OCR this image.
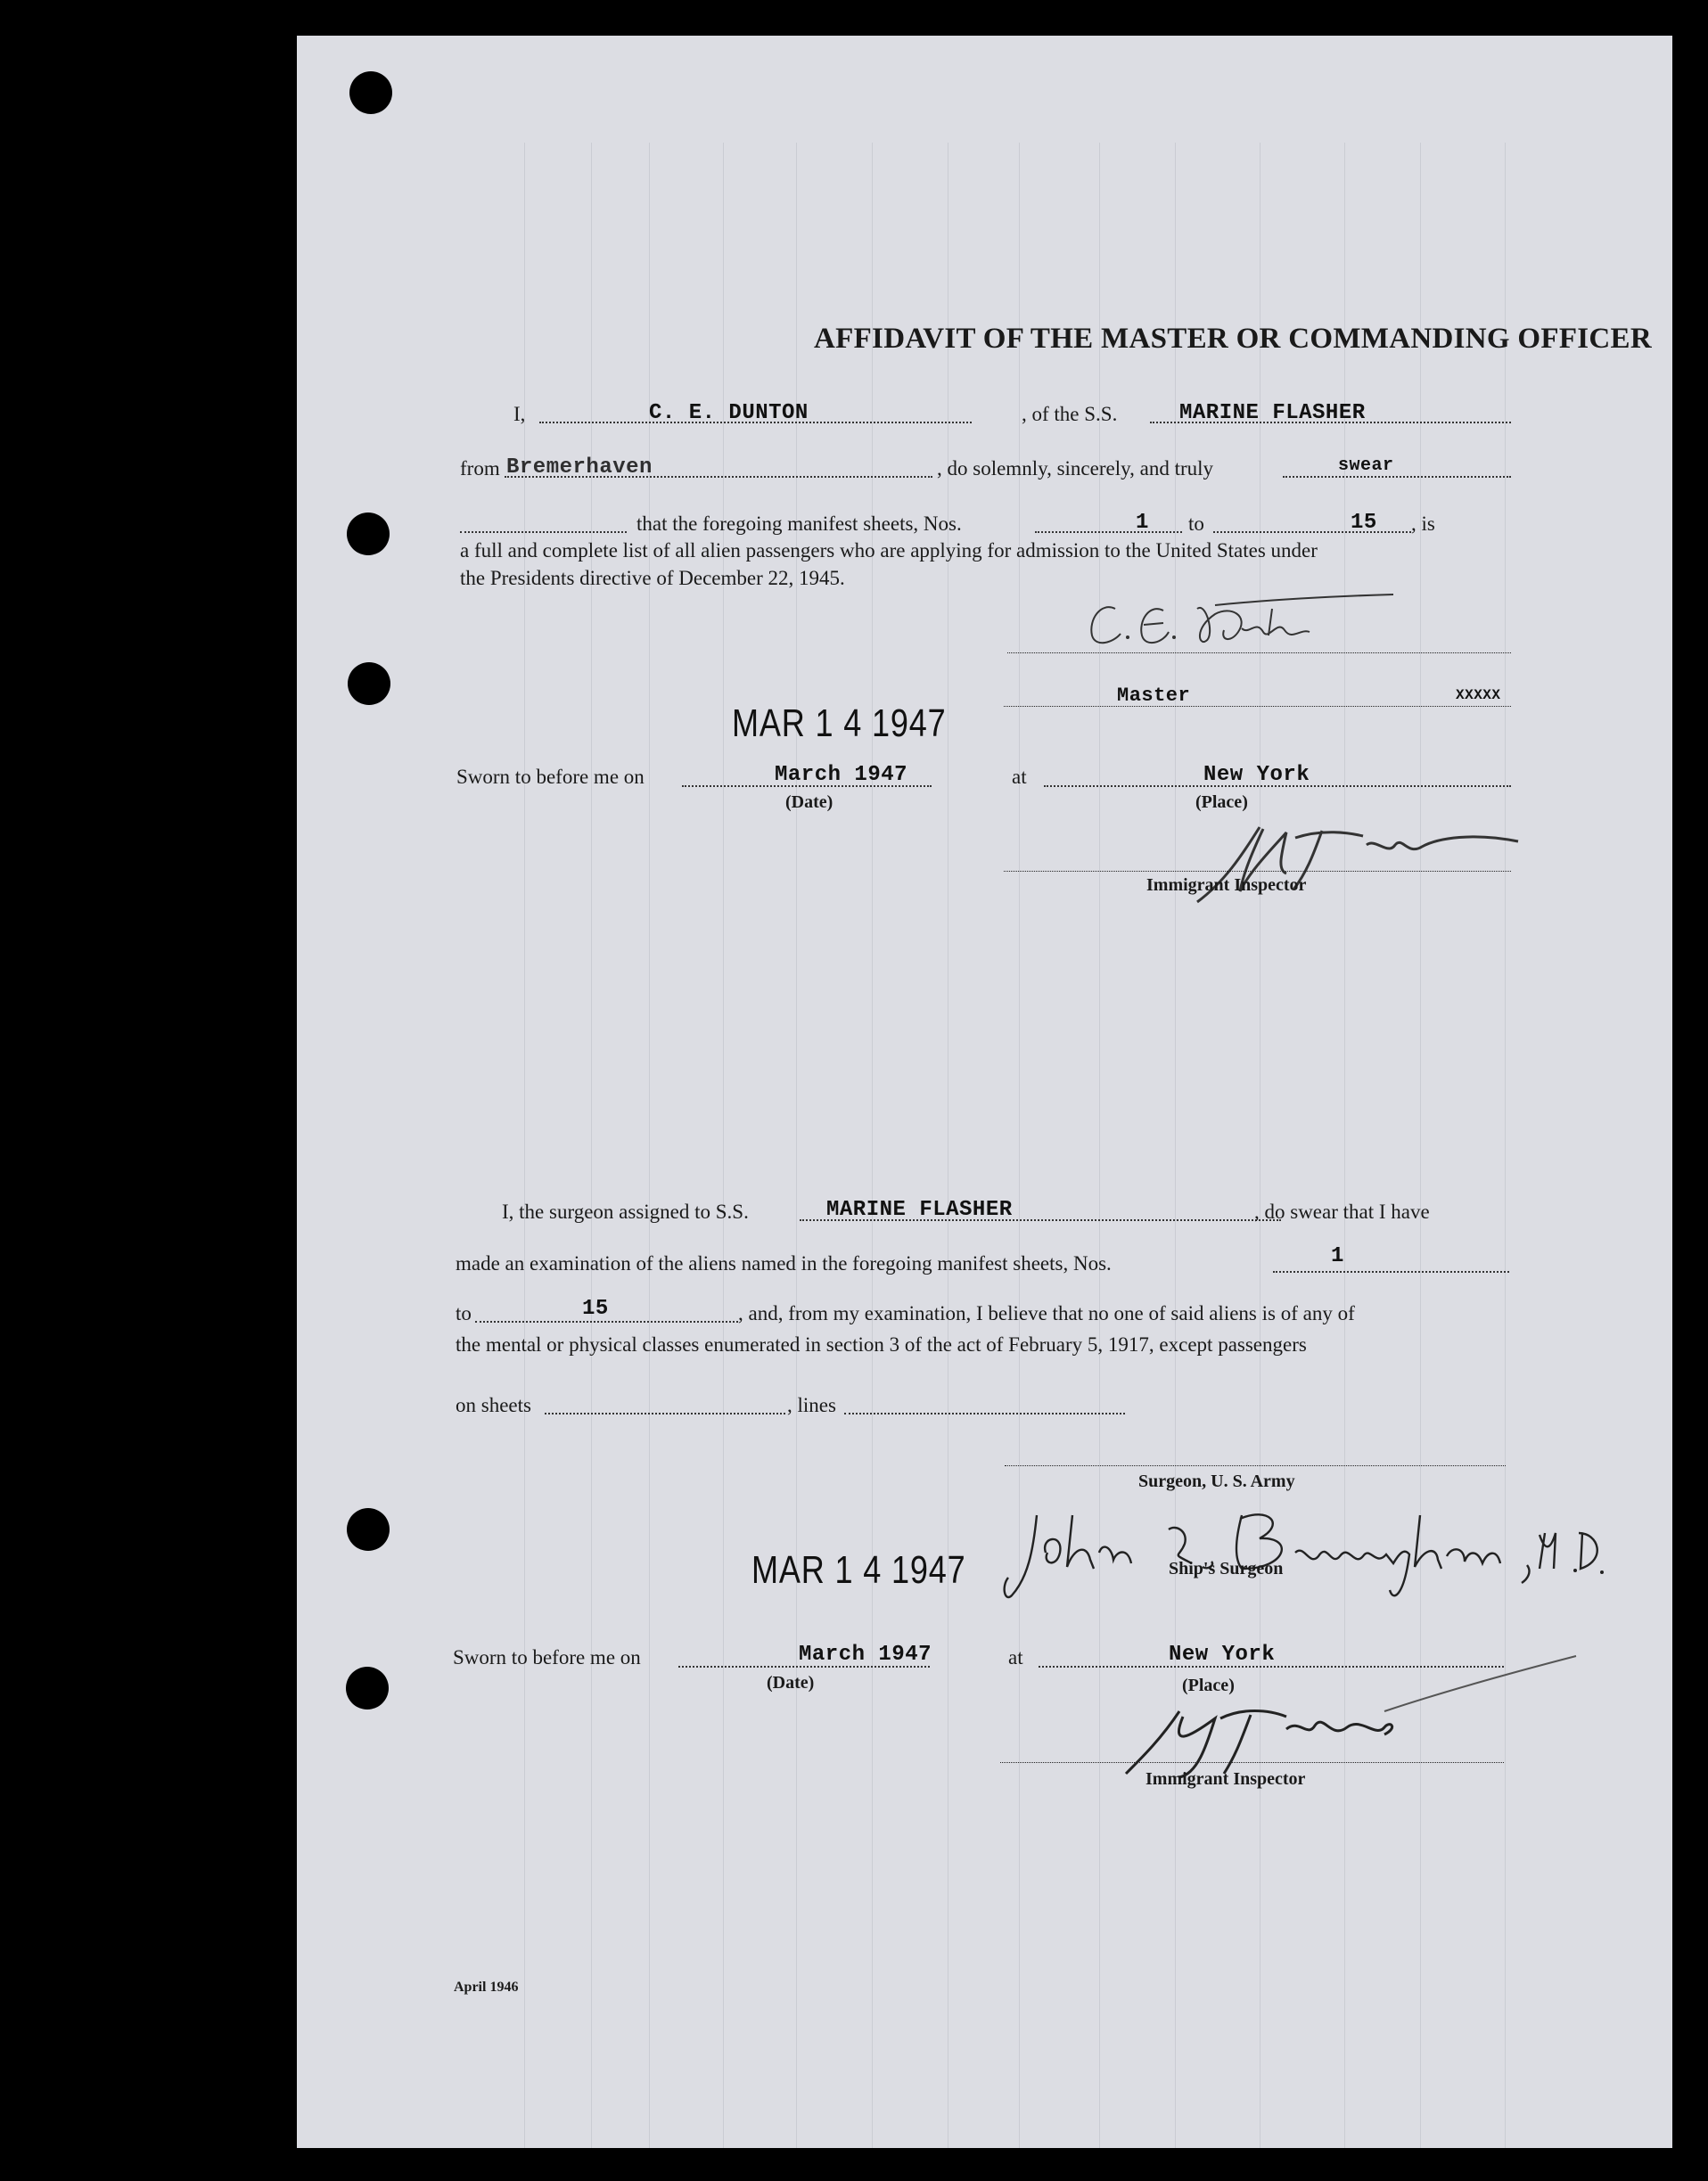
AFFIDAVIT OF THE MASTER OR COMMANDING OFFICER
I,	C. E. DUNTON	, of the S.S.	MARINE FLASHER
from Bremerhaven	, do solemnly, sincerely, and truly	swear
that the foregoing manifest sheets, Nos.	1 to	15 , is
a full and complete list of all alien passengers who are applying for admission to the United States under
the Presidents directive of December 22, 1945.
Master	XXXXX
MAR 1 4 1947
Sworn to before me on	March 1947	at	New York
(Date)	(Place)
Immigrant Inspector
I, the surgeon assigned to S.S.	MARINE FLASHER	, do swear that I have
made an examination of the aliens named in the foregoing manifest sheets, Nos.	1
to	15	, and, from my examination, I believe that no one of said aliens is of any of
the mental or physical classes enumerated in section 3 of the act of February 5, 1917, except passengers
on sheets	, lines
Surgeon, U. S. Army
Ship's Surgeon
MAR 1 4 1947
Sworn to before me on	March 1947	at	New York
(Date)	(Place)
Immigrant Inspector
April 1946
